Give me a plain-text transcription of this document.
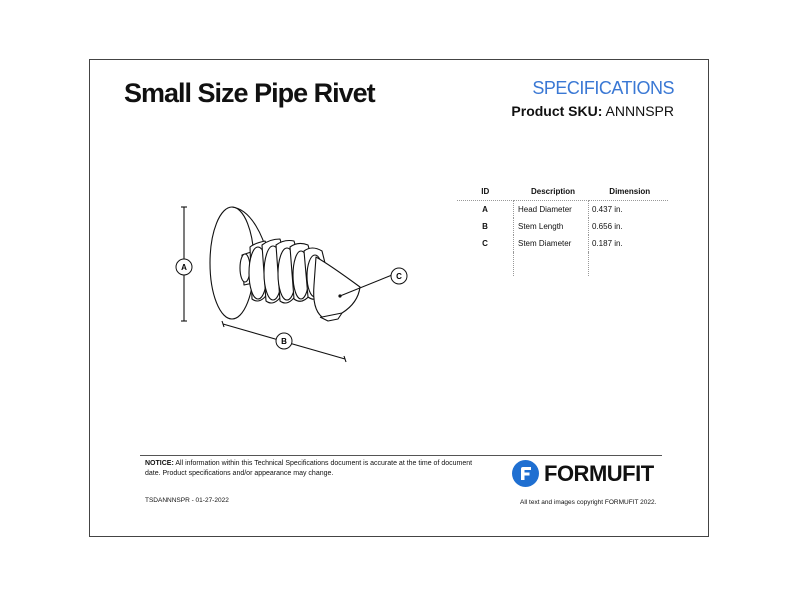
Small Size Pipe Rivet	SPECIFICATIONS
Product SKU: ANNNSPR
ID	Description	Dimension
A	Head Diameter	0.437 in.
B	Stem Length	0.656 in.
C	Stem Diameter	0.187 in.

A
B
C
NOTICE: All information within this Technical Specifications document is accurate at the time of document date. Product specifications and/or appearance may change.
TSDANNNSPR - 01-27-2022
FORMUFIT
All text and images copyright FORMUFIT 2022.
